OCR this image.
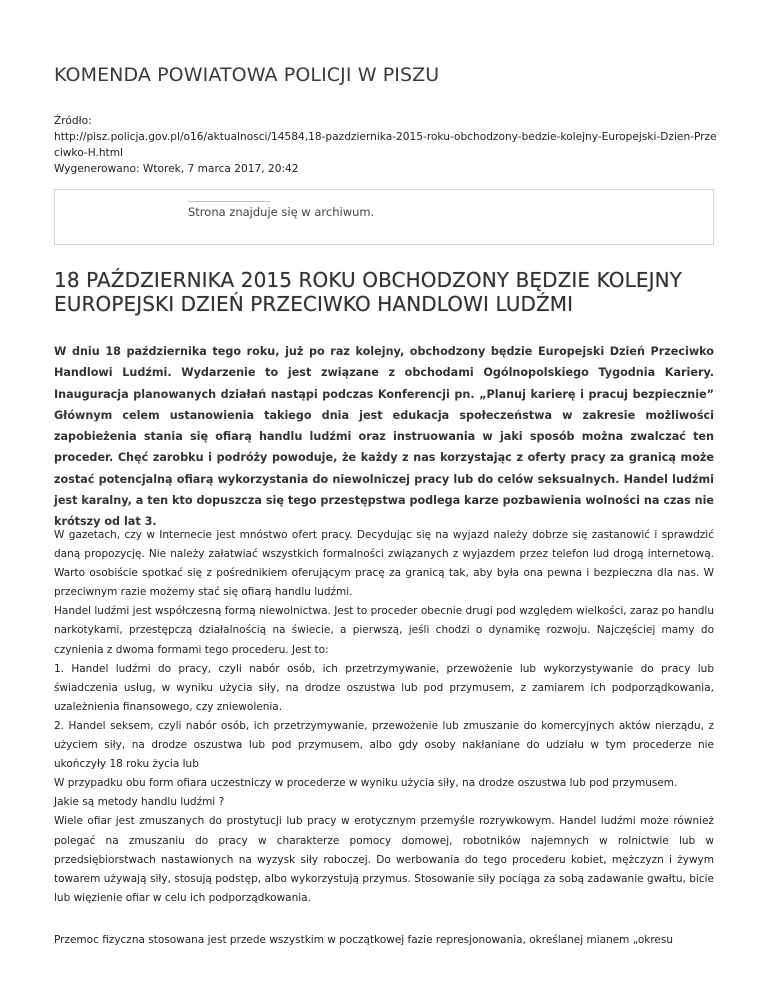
KOMENDA POWIATOWA POLICJI W PISZU
Źródło:
http://pisz.policja.gov.pl/o16/aktualnosci/14584,18-pazdziernika-2015-roku-obchodzony-bedzie-kolejny-Europejski-Dzien-Prze
ciwko-H.html
Wygenerowano: Wtorek, 7 marca 2017, 20:42
Strona znajduje się w archiwum.
18 PAŹDZIERNIKA 2015 ROKU OBCHODZONY BĘDZIE KOLEJNY EUROPEJSKI DZIEŃ PRZECIWKO HANDLOWI LUDŹMI

W dniu 18 października tego roku, już po raz kolejny, obchodzony będzie Europejski Dzień Przeciwko Handlowi Ludźmi. Wydarzenie to jest związane z obchodami Ogólnopolskiego Tygodnia Kariery. Inauguracja planowanych działań nastąpi podczas Konferencji pn. „Planuj karierę i pracuj bezpiecznie” Głównym celem ustanowienia takiego dnia jest edukacja społeczeństwa w zakresie możliwości zapobieżenia stania się ofiarą handlu ludźmi oraz instruowania w jaki sposób można zwalczać ten proceder. Chęć zarobku i podróży powoduje, że każdy z nas korzystając z oferty pracy za granicą może zostać potencjalną ofiarą wykorzystania do niewolniczej pracy lub do celów seksualnych. Handel ludźmi jest karalny, a ten kto dopuszcza się tego przestępstwa podlega karze pozbawienia wolności na czas nie krótszy od lat 3.

W gazetach, czy w Internecie jest mnóstwo ofert pracy. Decydując się na wyjazd należy dobrze się zastanowić i sprawdzić daną propozycję. Nie należy załatwiać wszystkich formalności związanych z wyjazdem przez telefon lud drogą internetową. Warto osobiście spotkać się z pośrednikiem oferującym pracę za granicą tak, aby była ona pewna i bezpieczna dla nas. W przeciwnym razie możemy stać się ofiarą handlu ludźmi.

Handel ludźmi jest współczesną formą niewolnictwa. Jest to proceder obecnie drugi pod względem wielkości, zaraz po handlu narkotykami, przestępczą działalnością na świecie, a pierwszą, jeśli chodzi o dynamikę rozwoju. Najczęściej mamy do czynienia z dwoma formami tego procederu. Jest to:

1. Handel ludźmi do pracy, czyli nabór osób, ich przetrzymywanie, przewożenie lub wykorzystywanie do pracy lub świadczenia usług, w wyniku użycia siły, na drodze oszustwa lub pod przymusem, z zamiarem ich podporządkowania, uzależnienia finansowego, czy zniewolenia.

2. Handel seksem, czyli nabór osób, ich przetrzymywanie, przewożenie lub zmuszanie do komercyjnych aktów nierządu, z użyciem siły, na drodze oszustwa lub pod przymusem, albo gdy osoby nakłaniane do udziału w tym procederze nie ukończyły 18 roku życia lub

W przypadku obu form ofiara uczestniczy w procederze w wyniku użycia siły, na drodze oszustwa lub pod przymusem.

Jakie są metody handlu ludźmi ?

Wiele ofiar jest zmuszanych do prostytucji lub pracy w erotycznym przemyśle rozrywkowym. Handel ludźmi może również polegać na zmuszaniu do pracy w charakterze pomocy domowej, robotników najemnych w rolnictwie lub w przedsiębiorstwach nastawionych na wyzysk siły roboczej. Do werbowania do tego procederu kobiet, mężczyzn i żywym towarem używają siły, stosują podstęp, albo wykorzystują przymus. Stosowanie siły pociąga za sobą zadawanie gwałtu, bicie lub więzienie ofiar w celu ich podporządkowania.

Przemoc fizyczna stosowana jest przede wszystkim w początkowej fazie represjonowania, określanej mianem „okresu
